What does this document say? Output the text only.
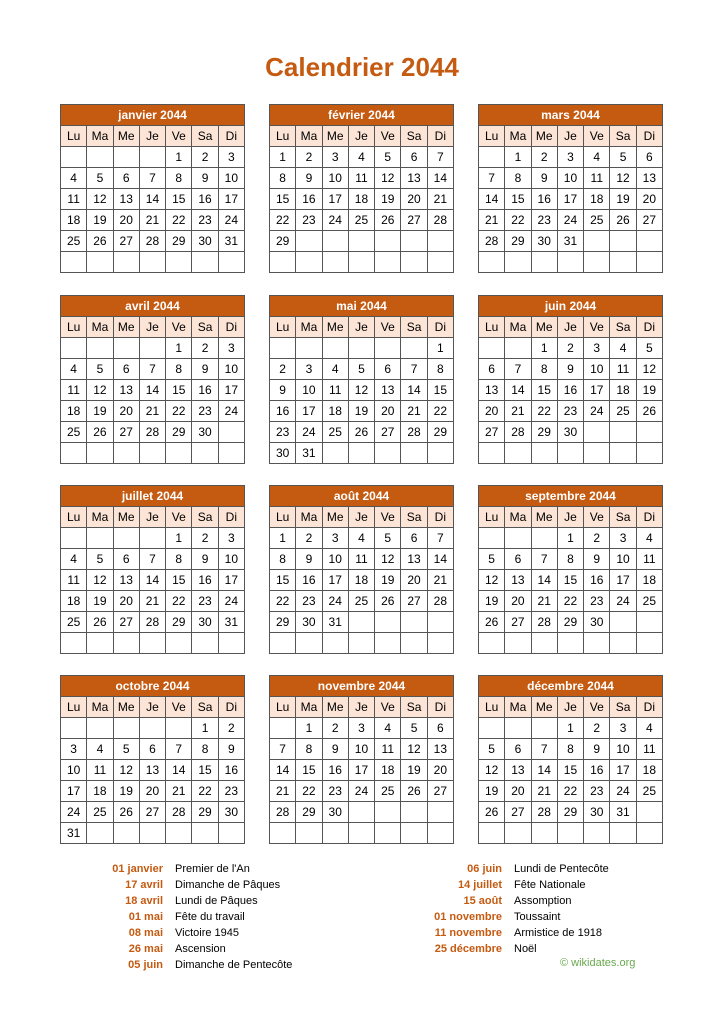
Calendrier 2044
janvier 2044						
Lu	Ma	Me	Je	Ve	Sa	Di
				1	2	3
4	5	6	7	8	9	10
11	12	13	14	15	16	17
18	19	20	21	22	23	24
25	26	27	28	29	30	31

février 2044						
Lu	Ma	Me	Je	Ve	Sa	Di
1	2	3	4	5	6	7
8	9	10	11	12	13	14
15	16	17	18	19	20	21
22	23	24	25	26	27	28
29						

mars 2044						
Lu	Ma	Me	Je	Ve	Sa	Di
	1	2	3	4	5	6
7	8	9	10	11	12	13
14	15	16	17	18	19	20
21	22	23	24	25	26	27
28	29	30	31			

avril 2044						
Lu	Ma	Me	Je	Ve	Sa	Di
				1	2	3
4	5	6	7	8	9	10
11	12	13	14	15	16	17
18	19	20	21	22	23	24
25	26	27	28	29	30	

mai 2044						
Lu	Ma	Me	Je	Ve	Sa	Di
						1
2	3	4	5	6	7	8
9	10	11	12	13	14	15
16	17	18	19	20	21	22
23	24	25	26	27	28	29
30	31					
juin 2044						
Lu	Ma	Me	Je	Ve	Sa	Di
		1	2	3	4	5
6	7	8	9	10	11	12
13	14	15	16	17	18	19
20	21	22	23	24	25	26
27	28	29	30			

juillet 2044						
Lu	Ma	Me	Je	Ve	Sa	Di
				1	2	3
4	5	6	7	8	9	10
11	12	13	14	15	16	17
18	19	20	21	22	23	24
25	26	27	28	29	30	31

août 2044						
Lu	Ma	Me	Je	Ve	Sa	Di
1	2	3	4	5	6	7
8	9	10	11	12	13	14
15	16	17	18	19	20	21
22	23	24	25	26	27	28
29	30	31				

septembre 2044						
Lu	Ma	Me	Je	Ve	Sa	Di
			1	2	3	4
5	6	7	8	9	10	11
12	13	14	15	16	17	18
19	20	21	22	23	24	25
26	27	28	29	30		

octobre 2044						
Lu	Ma	Me	Je	Ve	Sa	Di
					1	2
3	4	5	6	7	8	9
10	11	12	13	14	15	16
17	18	19	20	21	22	23
24	25	26	27	28	29	30
31						
novembre 2044						
Lu	Ma	Me	Je	Ve	Sa	Di
	1	2	3	4	5	6
7	8	9	10	11	12	13
14	15	16	17	18	19	20
21	22	23	24	25	26	27
28	29	30				

décembre 2044						
Lu	Ma	Me	Je	Ve	Sa	Di
			1	2	3	4
5	6	7	8	9	10	11
12	13	14	15	16	17	18
19	20	21	22	23	24	25
26	27	28	29	30	31	

01 janvier Premier de l'An
17 avril Dimanche de Pâques
18 avril Lundi de Pâques
01 mai Fête du travail
08 mai Victoire 1945
26 mai Ascension
05 juin Dimanche de Pentecôte
06 juin Lundi de Pentecôte
14 juillet Fête Nationale
15 août Assomption
01 novembre Toussaint
11 novembre Armistice de 1918
25 décembre Noël
© wikidates.org
